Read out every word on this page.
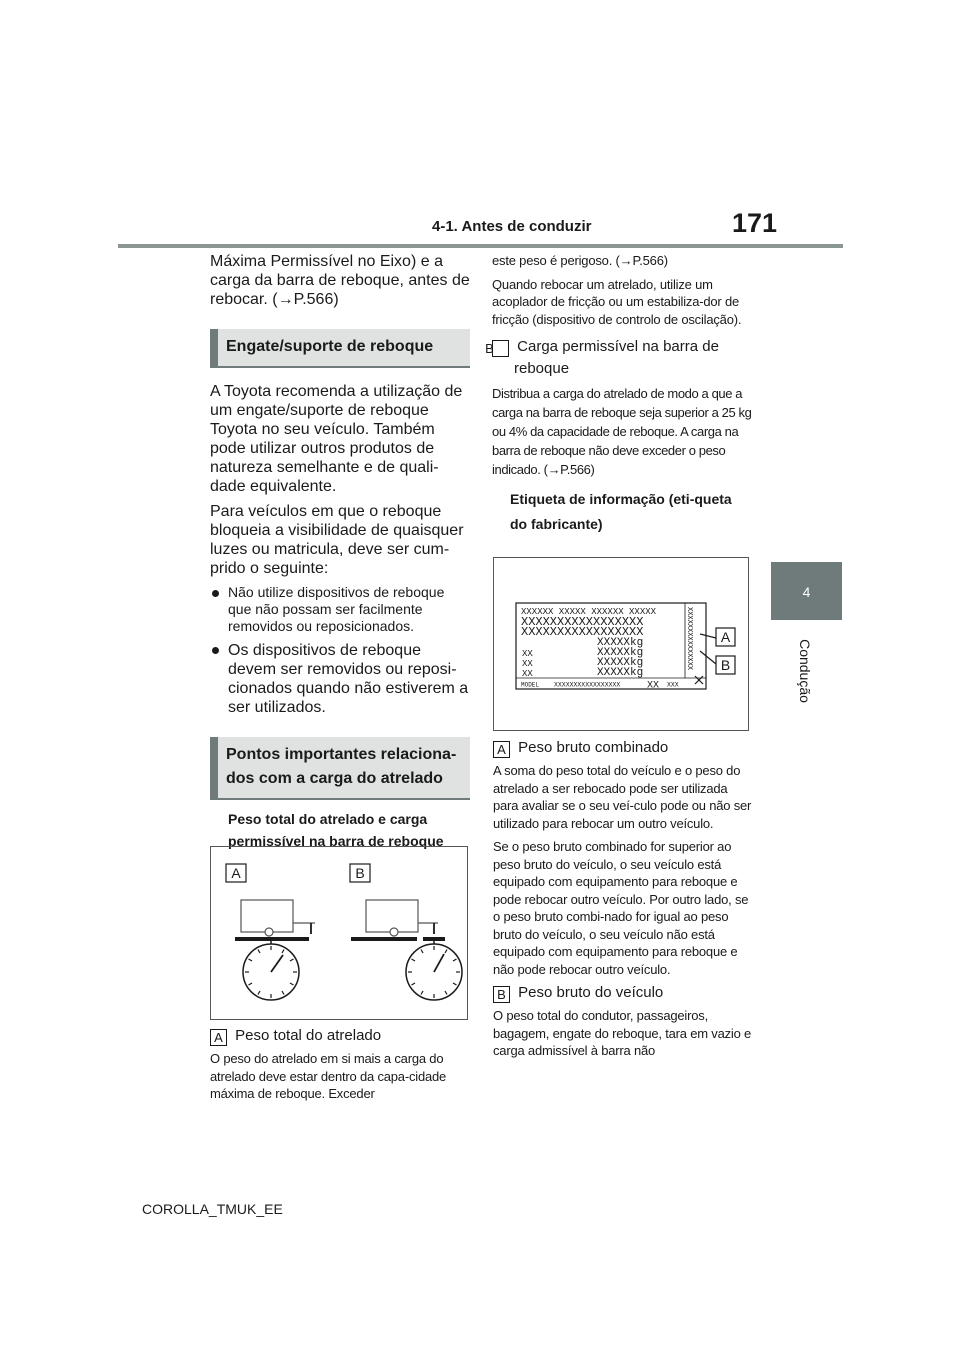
4-1. Antes de conduzir	171
4
Condução

Máxima Permissível no Eixo) e a carga da barra de reboque, antes de rebocar. (→P.566)

Engate/suporte de reboque

A Toyota recomenda a utilização de um engate/suporte de reboque Toyota no seu veículo. Também pode utilizar outros produtos de natureza semelhante e de quali-dade equivalente.

Para veículos em que o reboque bloqueia a visibilidade de quaisquer luzes ou matricula, deve ser cum-prido o seguinte:

Não utilize dispositivos de reboque que não possam ser facilmente removidos ou reposicionados.

Os dispositivos de reboque devem ser removidos ou reposi-cionados quando não estiverem a ser utilizados.

Pontos importantes relaciona-dos com a carga do atrelado
Peso total do atrelado e carga permissível na barra de reboque
A	B

A Peso total do atrelado

O peso do atrelado em si mais a carga do atrelado deve estar dentro da capa-cidade máxima de reboque. Exceder

este peso é perigoso. (→P.566)

Quando rebocar um atrelado, utilize um acoplador de fricção ou um estabiliza-dor de fricção (dispositivo de controlo de oscilação).

B Carga permissível na barra de reboque

Distribua a carga do atrelado de modo a que a carga na barra de reboque seja superior a 25 kg ou 4% da capacidade de reboque. A carga na barra de reboque não deve exceder o peso indicado. (→P.566)

Etiqueta de informação (eti-queta do fabricante)
XXXXXX XXXXX XXXXXX XXXXX
XXXXXXXXXXXXXXXXX
XXXXXXXXXXXXXXXXX
XXXXXkg
XXXXXkg
XXXXXkg
XXXXXkg
XX
XX
XX
MODEL XXXXXXXXXXXXXXXXX	XX XXX
XXXXXXXXXXXXXXX A
B

A Peso bruto combinado

A soma do peso total do veículo e o peso do atrelado a ser rebocado pode ser utilizada para avaliar se o seu veí-culo pode ou não ser utilizado para rebocar um outro veículo.

Se o peso bruto combinado for superior ao peso bruto do veículo, o seu veículo está equipado com equipamento para reboque e pode rebocar outro veículo. Por outro lado, se o peso bruto combi-nado for igual ao peso bruto do veículo, o seu veículo não está equipado com equipamento para reboque e não pode rebocar outro veículo.

B Peso bruto do veículo

O peso total do condutor, passageiros, bagagem, engate do reboque, tara em vazio e carga admissível à barra não

COROLLA_TMUK_EE
